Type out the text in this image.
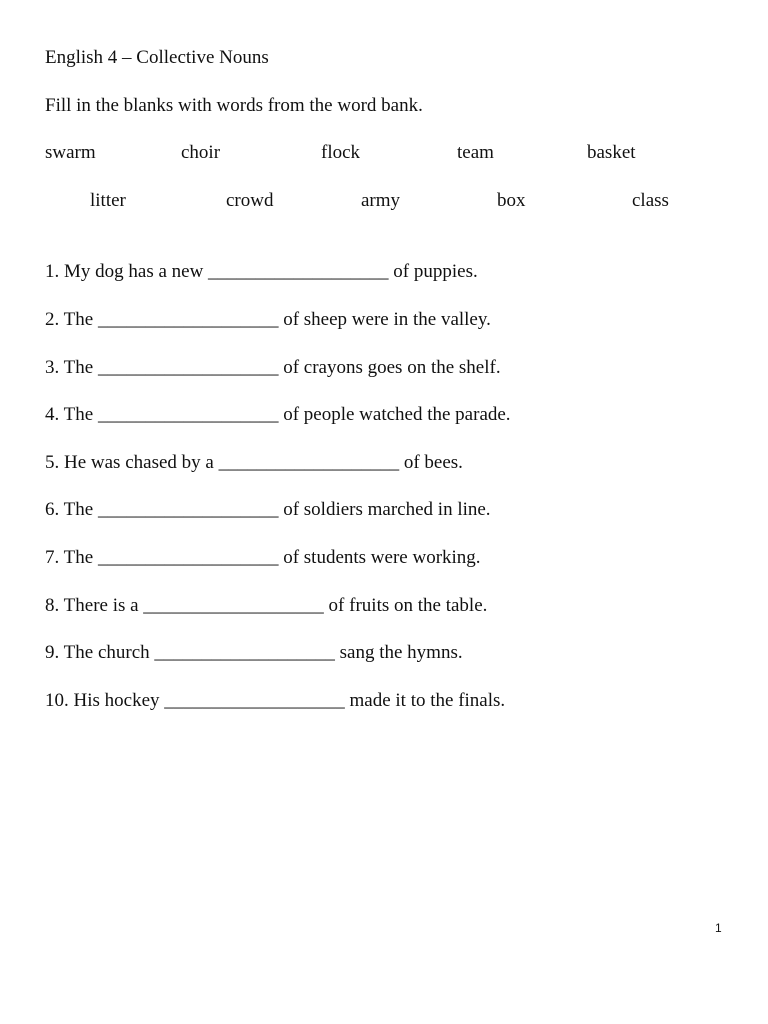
English 4 – Collective Nouns
Fill in the blanks with words from the word bank.
swarm	choir	flock	team	basket
litter	crowd	army	box	class
1. My dog has a new ___________________ of puppies.
2. The ___________________ of sheep were in the valley.
3. The ___________________ of crayons goes on the shelf.
4. The ___________________ of people watched the parade.
5. He was chased by a ___________________ of bees.
6. The ___________________ of soldiers marched in line.
7. The ___________________ of students were working.
8. There is a ___________________ of fruits on the table.
9. The church ___________________ sang the hymns.
10. His hockey ___________________ made it to the finals.
1
